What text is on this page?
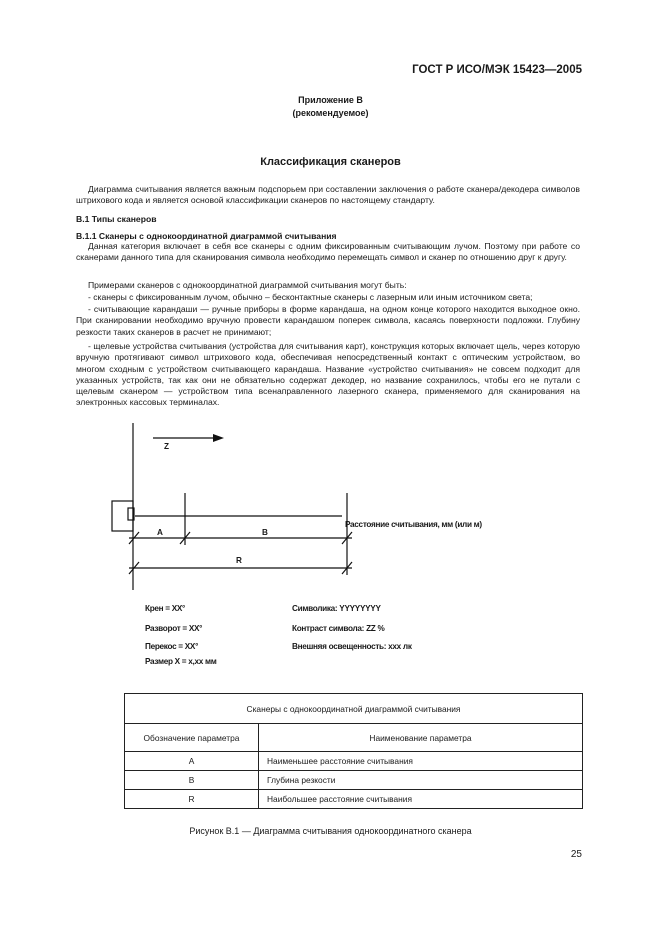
ГОСТ Р ИСО/МЭК 15423—2005
Приложение В
(рекомендуемое)
Классификация сканеров
Диаграмма считывания является важным подспорьем при составлении заключения о работе сканера/декодера символов штрихового кода и является основой классификации сканеров по настоящему стандарту.
В.1 Типы сканеров
В.1.1 Сканеры с однокоординатной диаграммой считывания
Данная категория включает в себя все сканеры с одним фиксированным считывающим лучом. Поэтому при работе со сканерами данного типа для сканирования символа необходимо перемещать символ и сканер по отношению друг к другу.
Примерами сканеров с однокоординатной диаграммой считывания могут быть:
- сканеры с фиксированным лучом, обычно – бесконтактные сканеры с лазерным или иным источником света;
- считывающие карандаши — ручные приборы в форме карандаша, на одном конце которого находится выходное окно. При сканировании необходимо вручную провести карандашом поперек символа, касаясь поверхности подложки. Глубину резкости таких сканеров в расчет не принимают;
- щелевые устройства считывания (устройства для считывания карт), конструкция которых включает щель, через которую вручную протягивают символ штрихового кода, обеспечивая непосредственный контакт с оптическим устройством, во многом сходным с устройством считывающего карандаша. Название «устройство считывания» не совсем подходит для указанных устройств, так как они не обязательно содержат декодер, но название сохранилось, чтобы его не путали с щелевым сканером — устройством типа всенаправленного лазерного сканера, применяемого для сканирования на электронных кассовых терминалах.
Z
A	B
R
Расстояние считывания, мм (или м)
Крен = XX°
Разворот = XX°
Перекос = XX°
Размер X = x,xx мм
Символика: YYYYYYYY
Контраст символа: ZZ %
Внешняя освещенность: xxx лк
Сканеры с однокоординатной диаграммой считывания	
Обозначение параметра	Наименование параметра
A	Наименьшее расстояние считывания
B	Глубина резкости
R	Наибольшее расстояние считывания
Рисунок В.1 — Диаграмма считывания однокоординатного сканера
25
